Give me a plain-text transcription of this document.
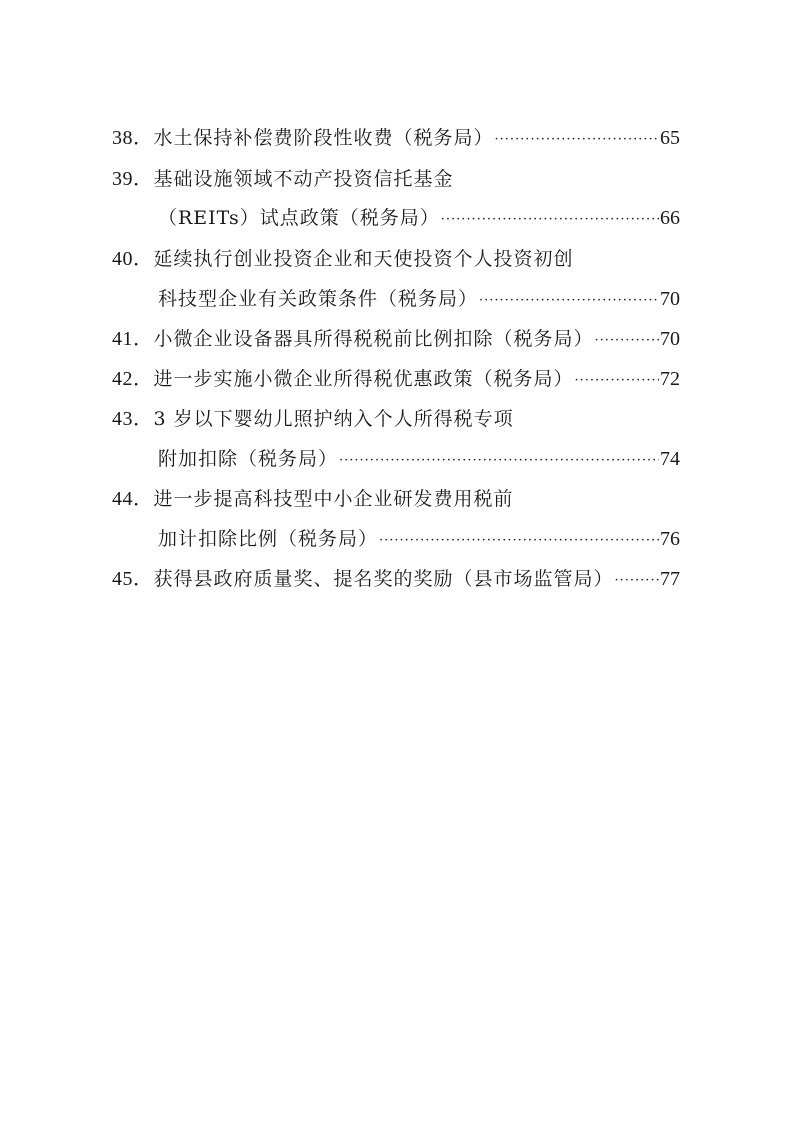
38． 水土保持补偿费阶段性收费（税务局） ·····	65
39． 基础设施领域不动产投资信托基金
（REITs）试点政策（税务局） ·····	66
40． 延续执行创业投资企业和天使投资个人投资初创
科技型企业有关政策条件（税务局） ·····	70
41． 小微企业设备器具所得税税前比例扣除（税务局） ·····	70
42． 进一步实施小微企业所得税优惠政策（税务局） ·····	72
43． 3 岁以下婴幼儿照护纳入个人所得税专项
附加扣除（税务局） ·····	74
44． 进一步提高科技型中小企业研发费用税前
加计扣除比例（税务局） ·····	76
45． 获得县政府质量奖、提名奖的奖励（县市场监管局） ····· 77
